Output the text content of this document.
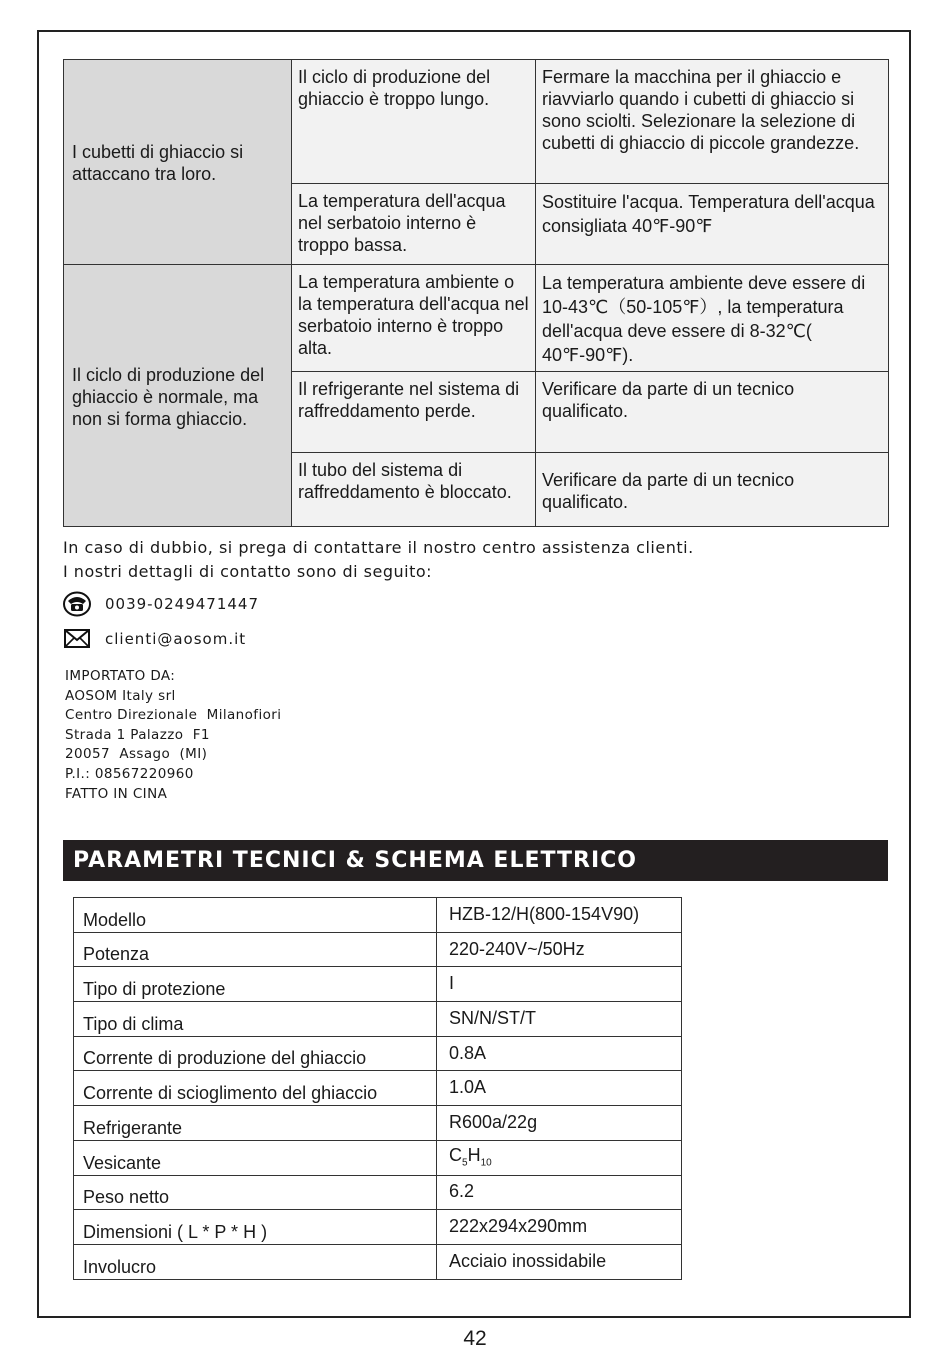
I cubetti di ghiaccio si attaccano tra loro.	Il ciclo di produzione del ghiaccio è troppo lungo.	Fermare la macchina per il ghiaccio e riavviarlo quando i cubetti di ghiaccio si sono sciolti. Selezionare la selezione di cubetti di ghiaccio di piccole grandezze.
	La temperatura dell'acqua nel serbatoio interno è troppo bassa.	Sostituire l'acqua. Temperatura dell'acqua consigliata 40℉-90℉
Il ciclo di produzione del ghiaccio è normale, ma non si forma ghiaccio.	La temperatura ambiente o la temperatura dell'acqua nel serbatoio interno è troppo alta.	La temperatura ambiente deve essere di 10-43℃（50-105℉）, la temperatura dell'acqua deve essere di 8-32℃( 40℉-90℉).
	Il refrigerante nel sistema di raffreddamento perde.	Verificare da parte di un tecnico qualificato.
	Il tubo del sistema di raffreddamento è bloccato.	Verificare da parte di un tecnico qualificato.
In caso di dubbio, si prega di contattare il nostro centro assistenza clienti.
I nostri dettagli di contatto sono di seguito:
0039-0249471447
clienti@aosom.it
IMPORTATO DA:
AOSOM Italy srl
Centro Direzionale  Milanofiori
Strada 1 Palazzo  F1
20057  Assago  (MI)
P.I.: 08567220960
FATTO IN CINA
PARAMETRI TECNICI & SCHEMA ELETTRICO
Modello	HZB-12/H(800-154V90)
Potenza	220-240V~/50Hz
Tipo di protezione	I
Tipo di clima	SN/N/ST/T
Corrente di produzione del ghiaccio	0.8A
Corrente di scioglimento del ghiaccio	1.0A
Refrigerante	R600a/22g
Vesicante	$C_5H_{10}$
Peso netto	6.2
Dimensioni ( L * P * H )	222x294x290mm
Involucro	Acciaio inossidabile
42
